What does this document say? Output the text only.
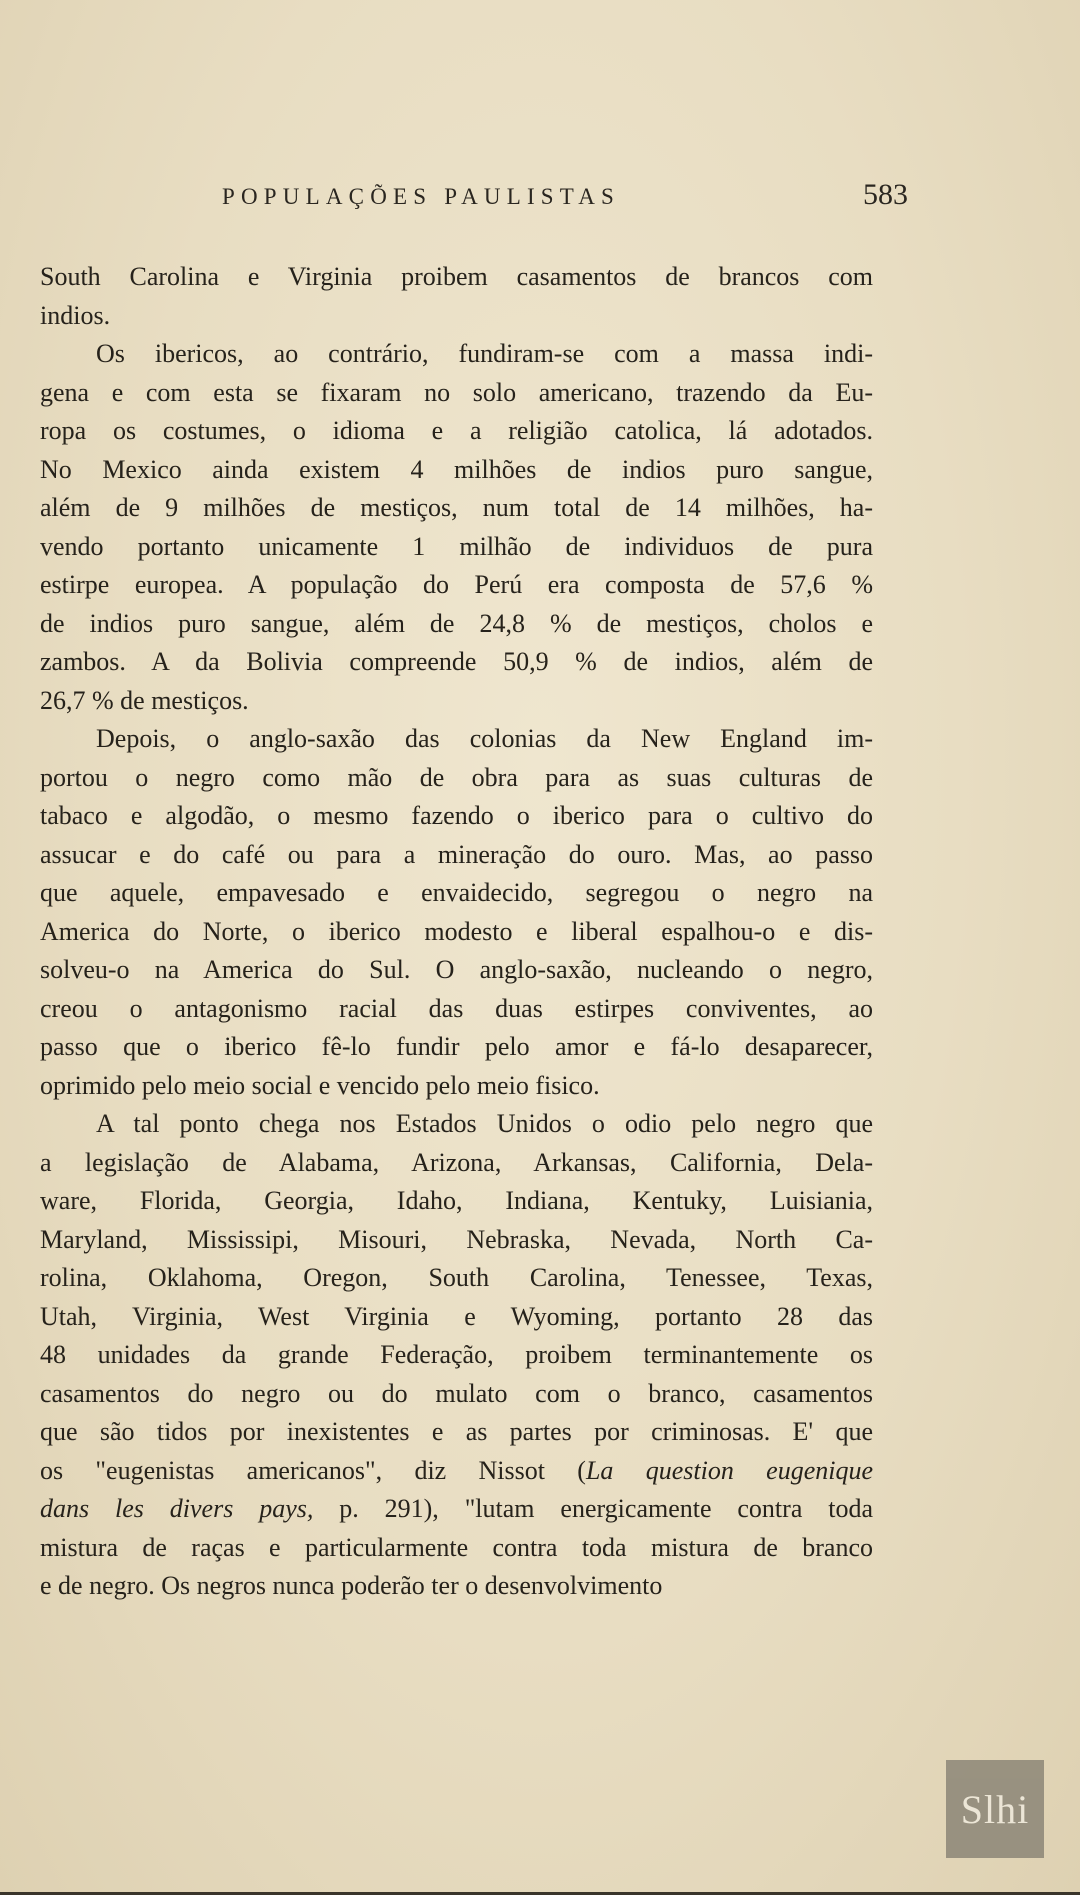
POPULAÇÕES PAULISTAS	583
South Carolina e Virginia proibem casamentos de brancos com
indios.
Os ibericos, ao contrário, fundiram-se com a massa indi-
gena e com esta se fixaram no solo americano, trazendo da Eu-
ropa os costumes, o idioma e a religião catolica, lá adotados.
No Mexico ainda existem 4 milhões de indios puro sangue,
além de 9 milhões de mestiços, num total de 14 milhões, ha-
vendo portanto unicamente 1 milhão de individuos de pura
estirpe europea. A população do Perú era composta de 57,6 %
de indios puro sangue, além de 24,8 % de mestiços, cholos e
zambos. A da Bolivia compreende 50,9 % de indios, além de
26,7 % de mestiços.
Depois, o anglo-saxão das colonias da New England im-
portou o negro como mão de obra para as suas culturas de
tabaco e algodão, o mesmo fazendo o iberico para o cultivo do
assucar e do café ou para a mineração do ouro. Mas, ao passo
que aquele, empavesado e envaidecido, segregou o negro na
America do Norte, o iberico modesto e liberal espalhou-o e dis-
solveu-o na America do Sul. O anglo-saxão, nucleando o negro,
creou o antagonismo racial das duas estirpes conviventes, ao
passo que o iberico fê-lo fundir pelo amor e fá-lo desaparecer,
oprimido pelo meio social e vencido pelo meio fisico.
A tal ponto chega nos Estados Unidos o odio pelo negro que
a legislação de Alabama, Arizona, Arkansas, California, Dela-
ware, Florida, Georgia, Idaho, Indiana, Kentuky, Luisiania,
Maryland, Mississipi, Misouri, Nebraska, Nevada, North Ca-
rolina, Oklahoma, Oregon, South Carolina, Tenessee, Texas,
Utah, Virginia, West Virginia e Wyoming, portanto 28 das
48 unidades da grande Federação, proibem terminantemente os
casamentos do negro ou do mulato com o branco, casamentos
que são tidos por inexistentes e as partes por criminosas. E' que
os "eugenistas americanos", diz Nissot (La question eugenique
dans les divers pays, p. 291), "lutam energicamente contra toda
mistura de raças e particularmente contra toda mistura de branco
e de negro. Os negros nunca poderão ter o desenvolvimento
Slhi
